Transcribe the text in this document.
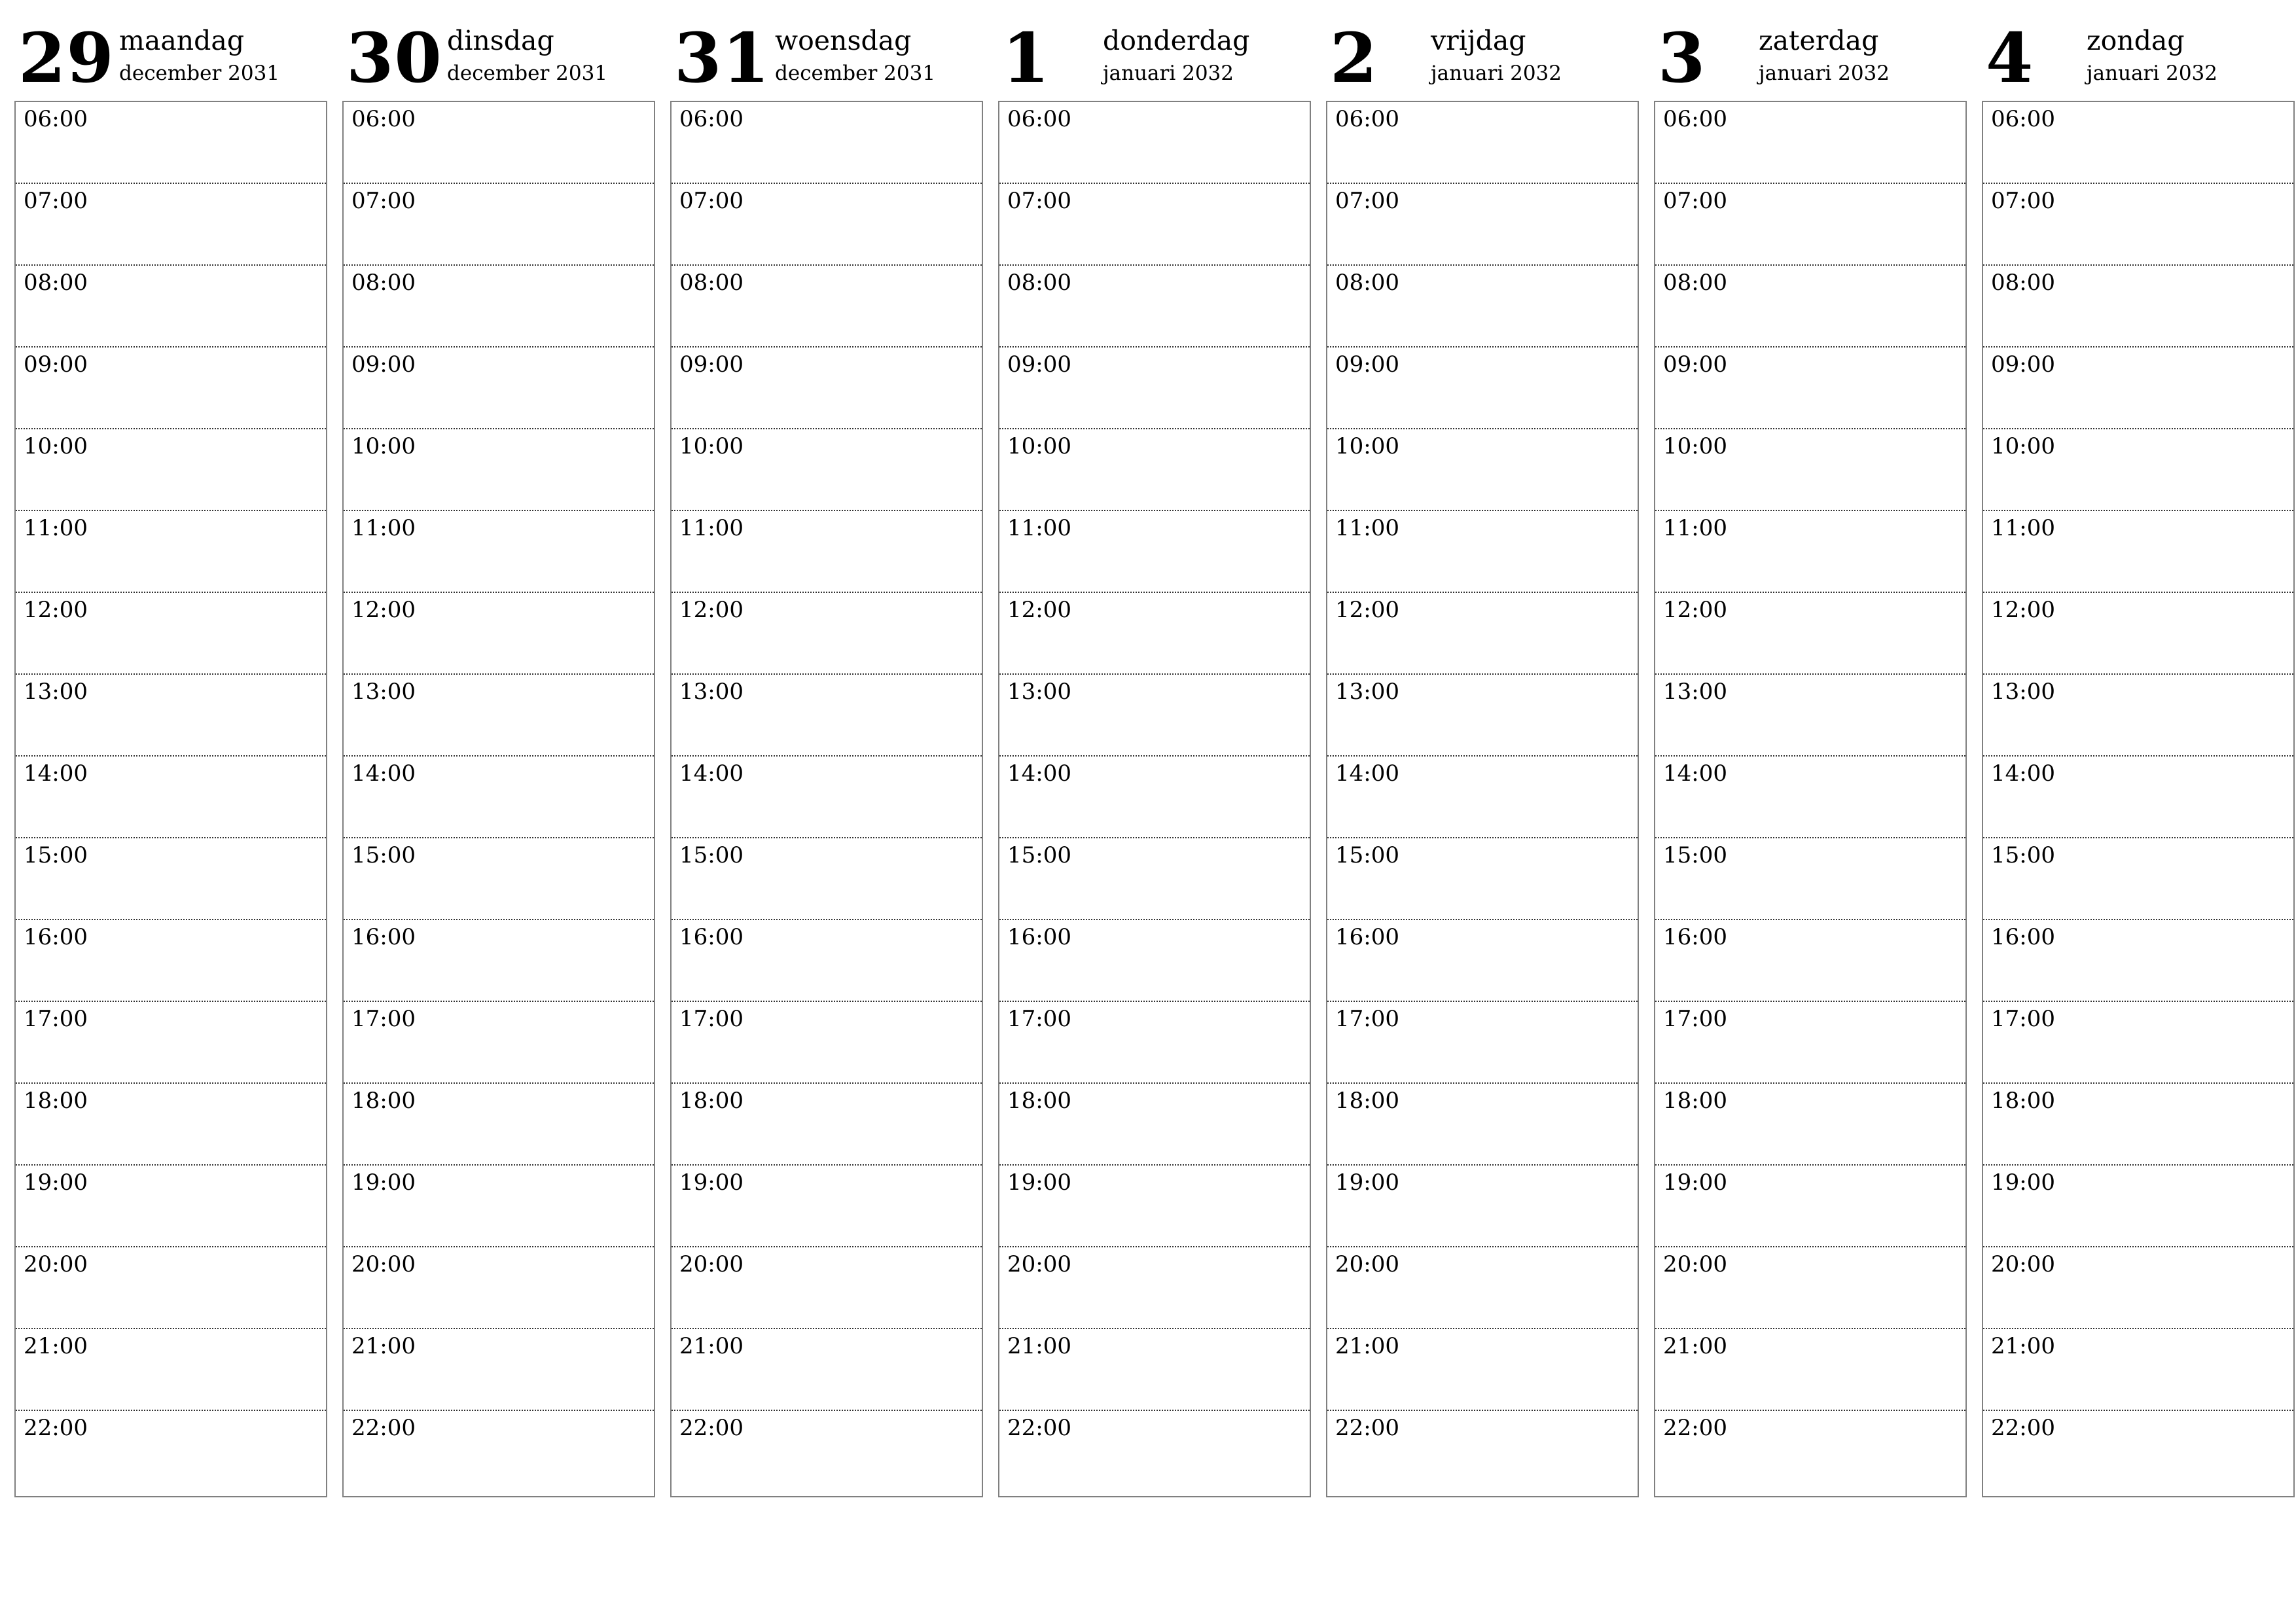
29 maandag
december 2031
06:00
07:00
08:00
09:00
10:00
11:00
12:00
13:00
14:00
15:00
16:00
17:00
18:00
19:00
20:00
21:00
22:00
30 dinsdag
december 2031
06:00
07:00
08:00
09:00
10:00
11:00
12:00
13:00
14:00
15:00
16:00
17:00
18:00
19:00
20:00
21:00
22:00
31 woensdag
december 2031
06:00
07:00
08:00
09:00
10:00
11:00
12:00
13:00
14:00
15:00
16:00
17:00
18:00
19:00
20:00
21:00
22:00
1 donderdag
januari 2032
06:00
07:00
08:00
09:00
10:00
11:00
12:00
13:00
14:00
15:00
16:00
17:00
18:00
19:00
20:00
21:00
22:00
2 vrijdag
januari 2032
06:00
07:00
08:00
09:00
10:00
11:00
12:00
13:00
14:00
15:00
16:00
17:00
18:00
19:00
20:00
21:00
22:00
3 zaterdag
januari 2032
06:00
07:00
08:00
09:00
10:00
11:00
12:00
13:00
14:00
15:00
16:00
17:00
18:00
19:00
20:00
21:00
22:00
4 zondag
januari 2032
06:00
07:00
08:00
09:00
10:00
11:00
12:00
13:00
14:00
15:00
16:00
17:00
18:00
19:00
20:00
21:00
22:00
